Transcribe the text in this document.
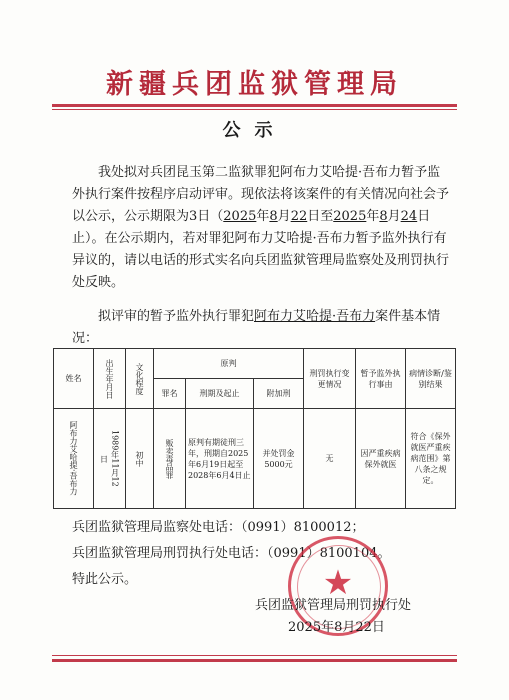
新疆兵团监狱管理局
公示
我处拟对兵团昆玉第二监狱罪犯阿布力艾哈提·吾布力暂予监外执行案件按程序启动评审。现依法将该案件的有关情况向社会予以公示，公示期限为3日（2025年8月22日至2025年8月24日止）。在公示期内，若对罪犯阿布力艾哈提·吾布力暂予监外执行有异议的，请以电话的形式实名向兵团监狱管理局监察处及刑罚执行处反映。
拟评审的暂予监外执行罪犯阿布力艾哈提·吾布力案件基本情况：
姓名	出生年月日	文化程度	原判			刑罚执行变更情况	暂予监外执行事由	病情诊断/鉴别结果
			罪名	刑期及起止	附加刑			

阿布力艾哈提·吾布力	1989年11月12日	初中	贩卖毒品罪	原判有期徒刑三年，刑期自2025年6月19日起至2028年6月4日止	并处罚金5000元	无	因严重疾病保外就医	符合《保外就医严重疾病范围》第八条之规定。
兵团监狱管理局监察处电话：（0991）8100012；
兵团监狱管理局刑罚执行处电话：（0991）8100104。
特此公示。	★
兵团监狱管理局刑罚执行处
2025年8月22日
